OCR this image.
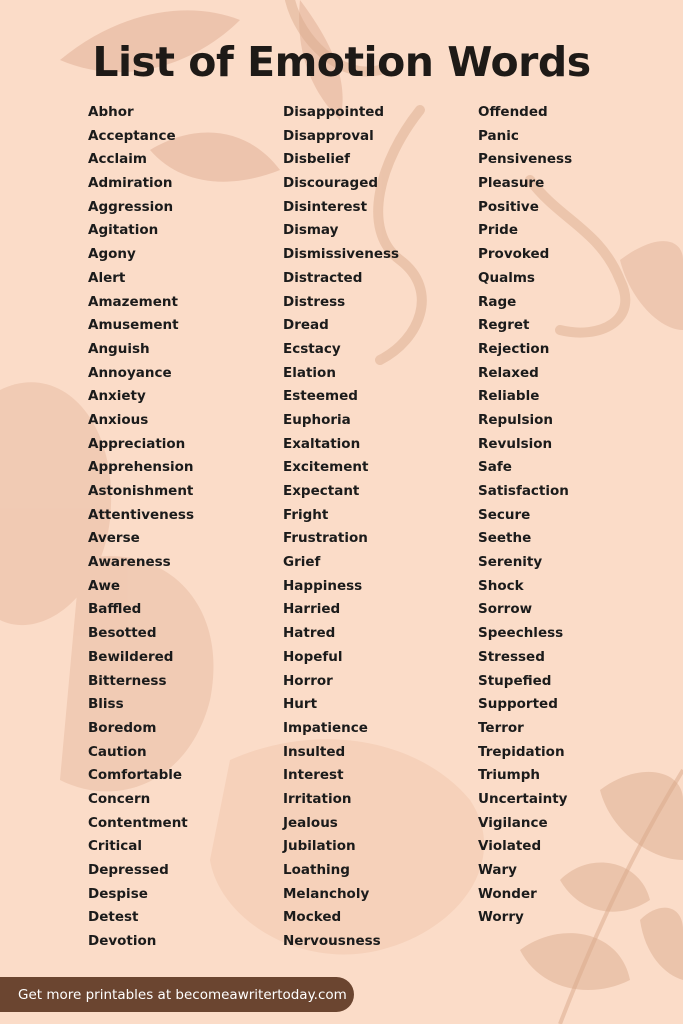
List of Emotion Words
Abhor
Acceptance
Acclaim
Admiration
Aggression
Agitation
Agony
Alert
Amazement
Amusement
Anguish
Annoyance
Anxiety
Anxious
Appreciation
Apprehension
Astonishment
Attentiveness
Averse
Awareness
Awe
Baffled
Besotted
Bewildered
Bitterness
Bliss
Boredom
Caution
Comfortable
Concern
Contentment
Critical
Depressed
Despise
Detest
Devotion
Disappointed
Disapproval
Disbelief
Discouraged
Disinterest
Dismay
Dismissiveness
Distracted
Distress
Dread
Ecstacy
Elation
Esteemed
Euphoria
Exaltation
Excitement
Expectant
Fright
Frustration
Grief
Happiness
Harried
Hatred
Hopeful
Horror
Hurt
Impatience
Insulted
Interest
Irritation
Jealous
Jubilation
Loathing
Melancholy
Mocked
Nervousness
Offended
Panic
Pensiveness
Pleasure
Positive
Pride
Provoked
Qualms
Rage
Regret
Rejection
Relaxed
Reliable
Repulsion
Revulsion
Safe
Satisfaction
Secure
Seethe
Serenity
Shock
Sorrow
Speechless
Stressed
Stupefied
Supported
Terror
Trepidation
Triumph
Uncertainty
Vigilance
Violated
Wary
Wonder
Worry
Get more printables at becomeawritertoday.com
